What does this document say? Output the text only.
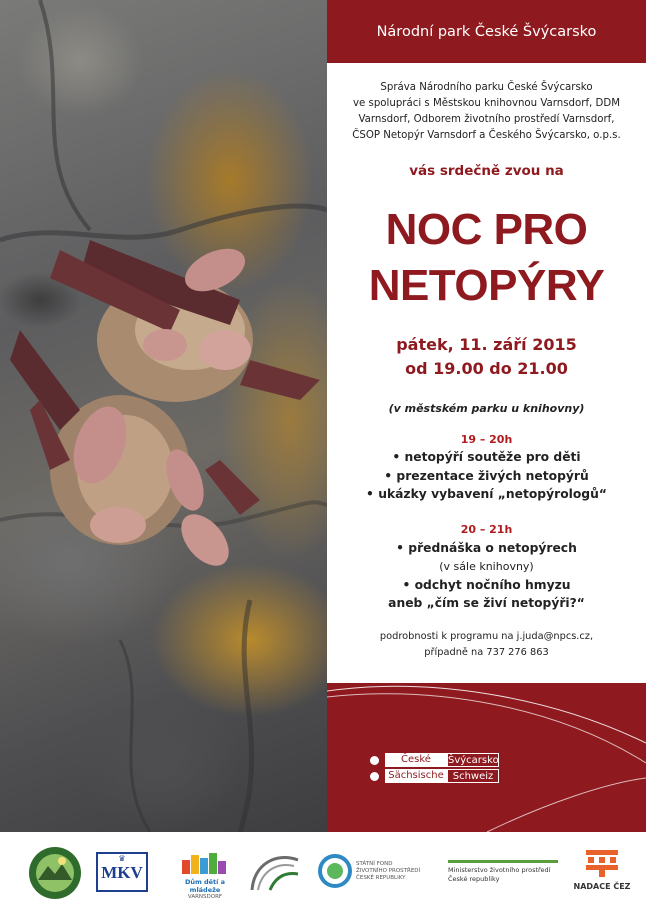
Národní park České Švýcarsko
Správa Národního parku České Švýcarsko
ve spolupráci s Městskou knihovnou Varnsdorf, DDM
Varnsdorf, Odborem životního prostředí Varnsdorf,
ČSOP Netopýr Varnsdorf a Českého Švýcarsko, o.p.s.
vás srdečně zvou na
NOC PRO
NETOPÝRY
pátek, 11. září 2015
od 19.00 do 21.00
(v městském parku u knihovny)
19 – 20h
• netopýří soutěže pro děti
• prezentace živých netopýrů
• ukázky vybavení „netopýrologů“
20 – 21h
• přednáška o netopýrech
(v sále knihovny)
• odchyt nočního hmyzu
aneb „čím se živí netopýři?“
podrobnosti k programu na j.juda@npcs.cz,
případně na 737 276 863
České	Švýcarsko
Sächsische Schweiz
♛
MKV	Dům dětí a mládeže
VARNSDORF
STÁTNÍ FOND
ŽIVOTNÍHO PROSTŘEDÍ
ČESKÉ REPUBLIKY
Ministerstvo životního prostředí
České republiky
NADACE ČEZ
